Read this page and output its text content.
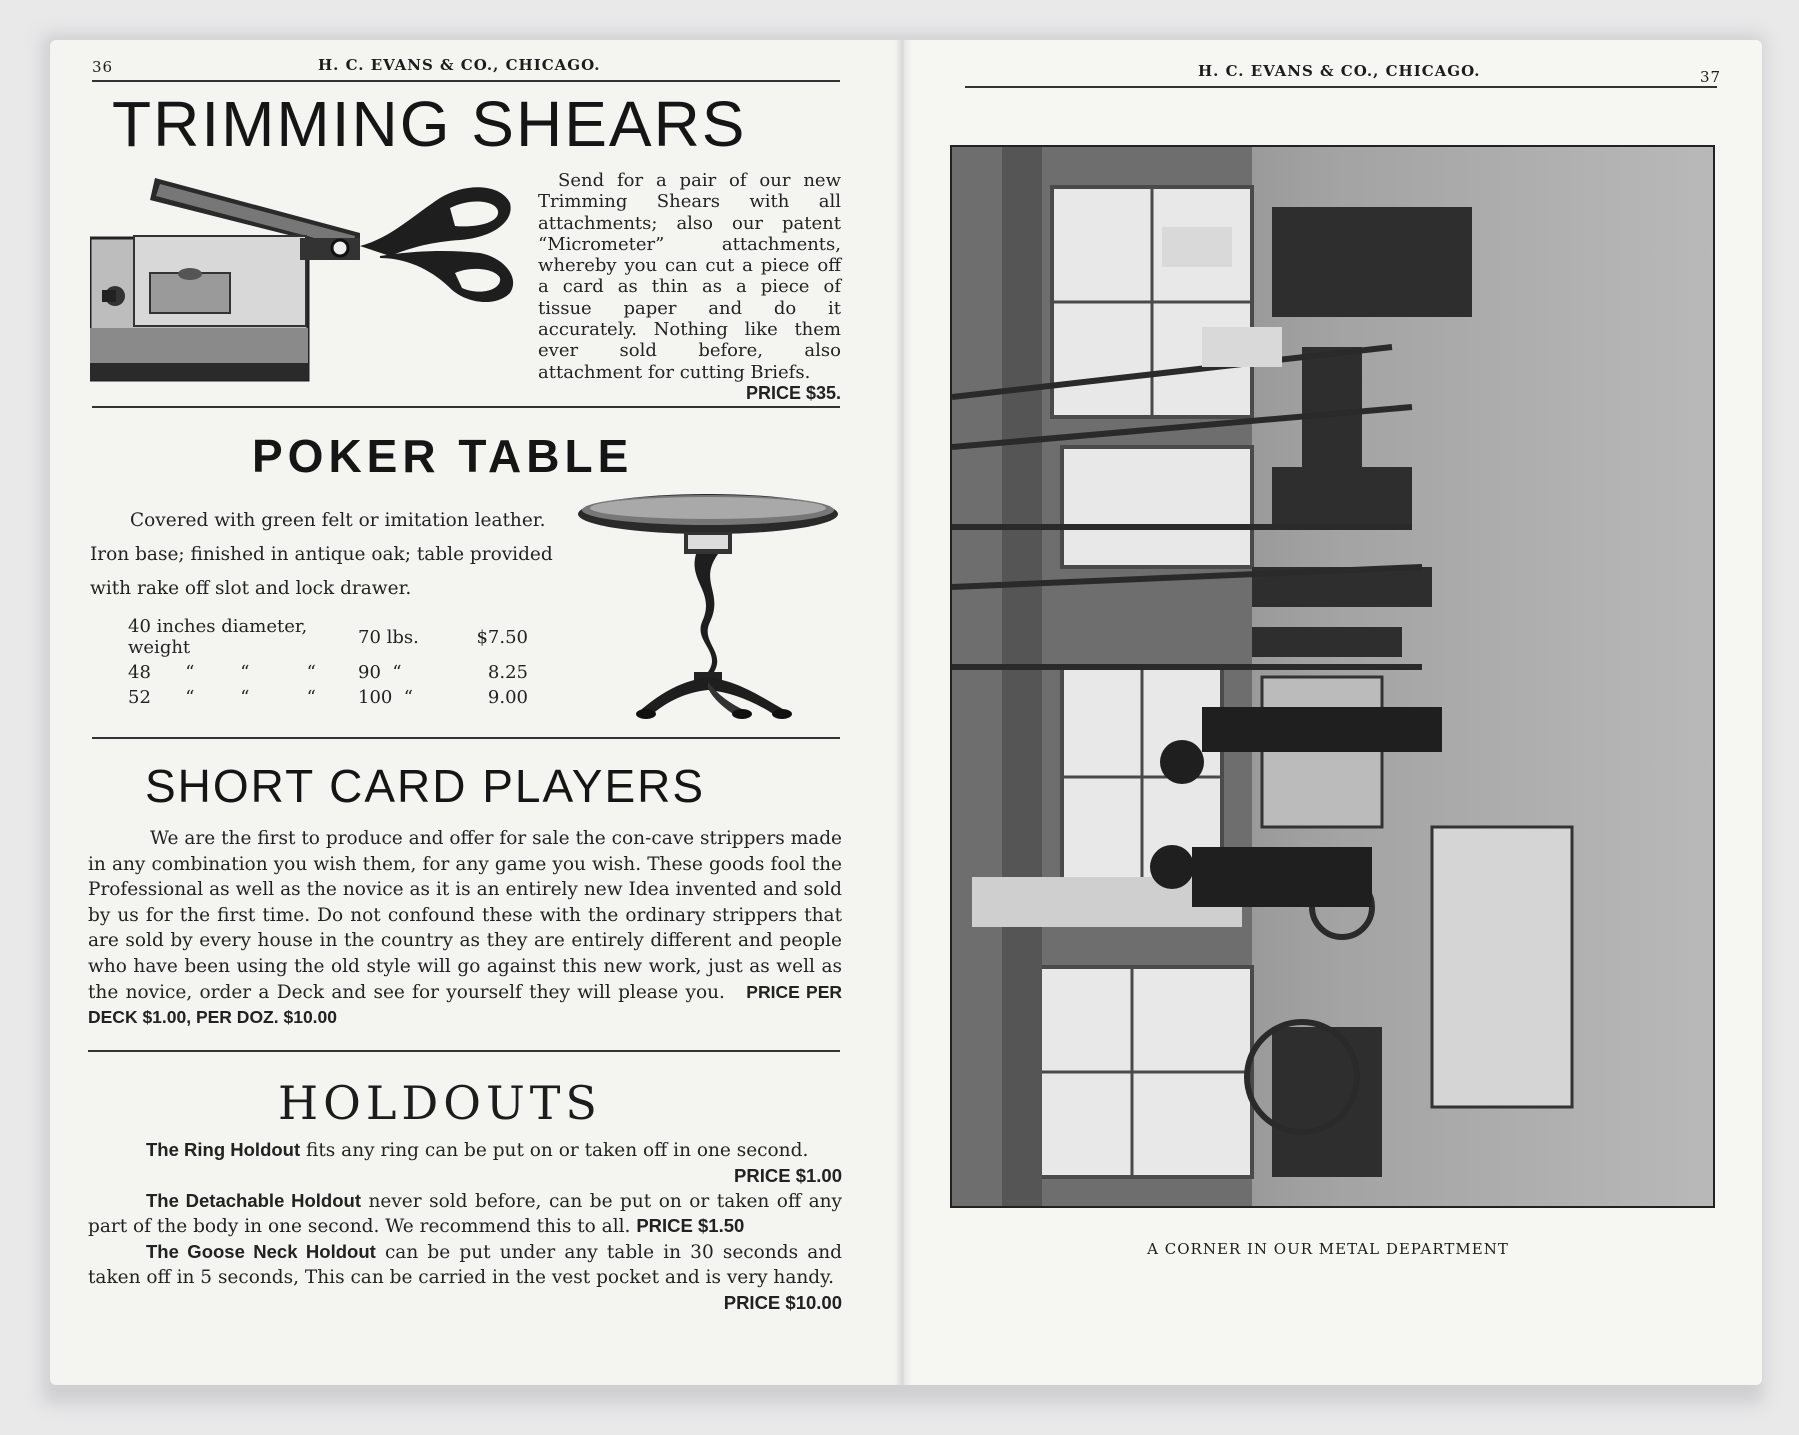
36	H. C. EVANS & CO., CHICAGO.
TRIMMING SHEARS
Send for a pair of our new Trimming Shears with all attachments; also our patent “Micrometer” attachments, whereby you can cut a piece off a card as thin as a piece of tissue paper and do it accurately. Nothing like them ever sold before, also attachment for cutting Briefs.
PRICE $35.
POKER TABLE
Covered with green felt or imitation leather. Iron base; finished in antique oak; table provided with rake off slot and lock drawer.
40 inches diameter, weight	70 lbs.	$7.50
48      “        “          “	90  “	8.25
52      “        “          “	100  “	9.00
SHORT CARD PLAYERS
We are the first to produce and offer for sale the con-cave strippers made in any combination you wish them, for any game you wish. These goods fool the Professional as well as the novice as it is an entirely new Idea invented and sold by us for the first time. Do not confound these with the ordinary strippers that are sold by every house in the country as they are entirely different and people who have been using the old style will go against this new work, just as well as the novice, order a Deck and see for yourself they will please you. PRICE PER DECK $1.00, PER DOZ. $10.00
HOLDOUTS

The Ring Holdout fits any ring can be put on or taken off in one second.
PRICE $1.00

The Detachable Holdout never sold before, can be put on or taken off any part of the body in one second. We recommend this to all. PRICE $1.50

The Goose Neck Holdout can be put under any table in 30 seconds and taken off in 5 seconds, This can be carried in the vest pocket and is very handy.
PRICE $10.00

H. C. EVANS & CO., CHICAGO.	37
A CORNER IN OUR METAL DEPARTMENT
